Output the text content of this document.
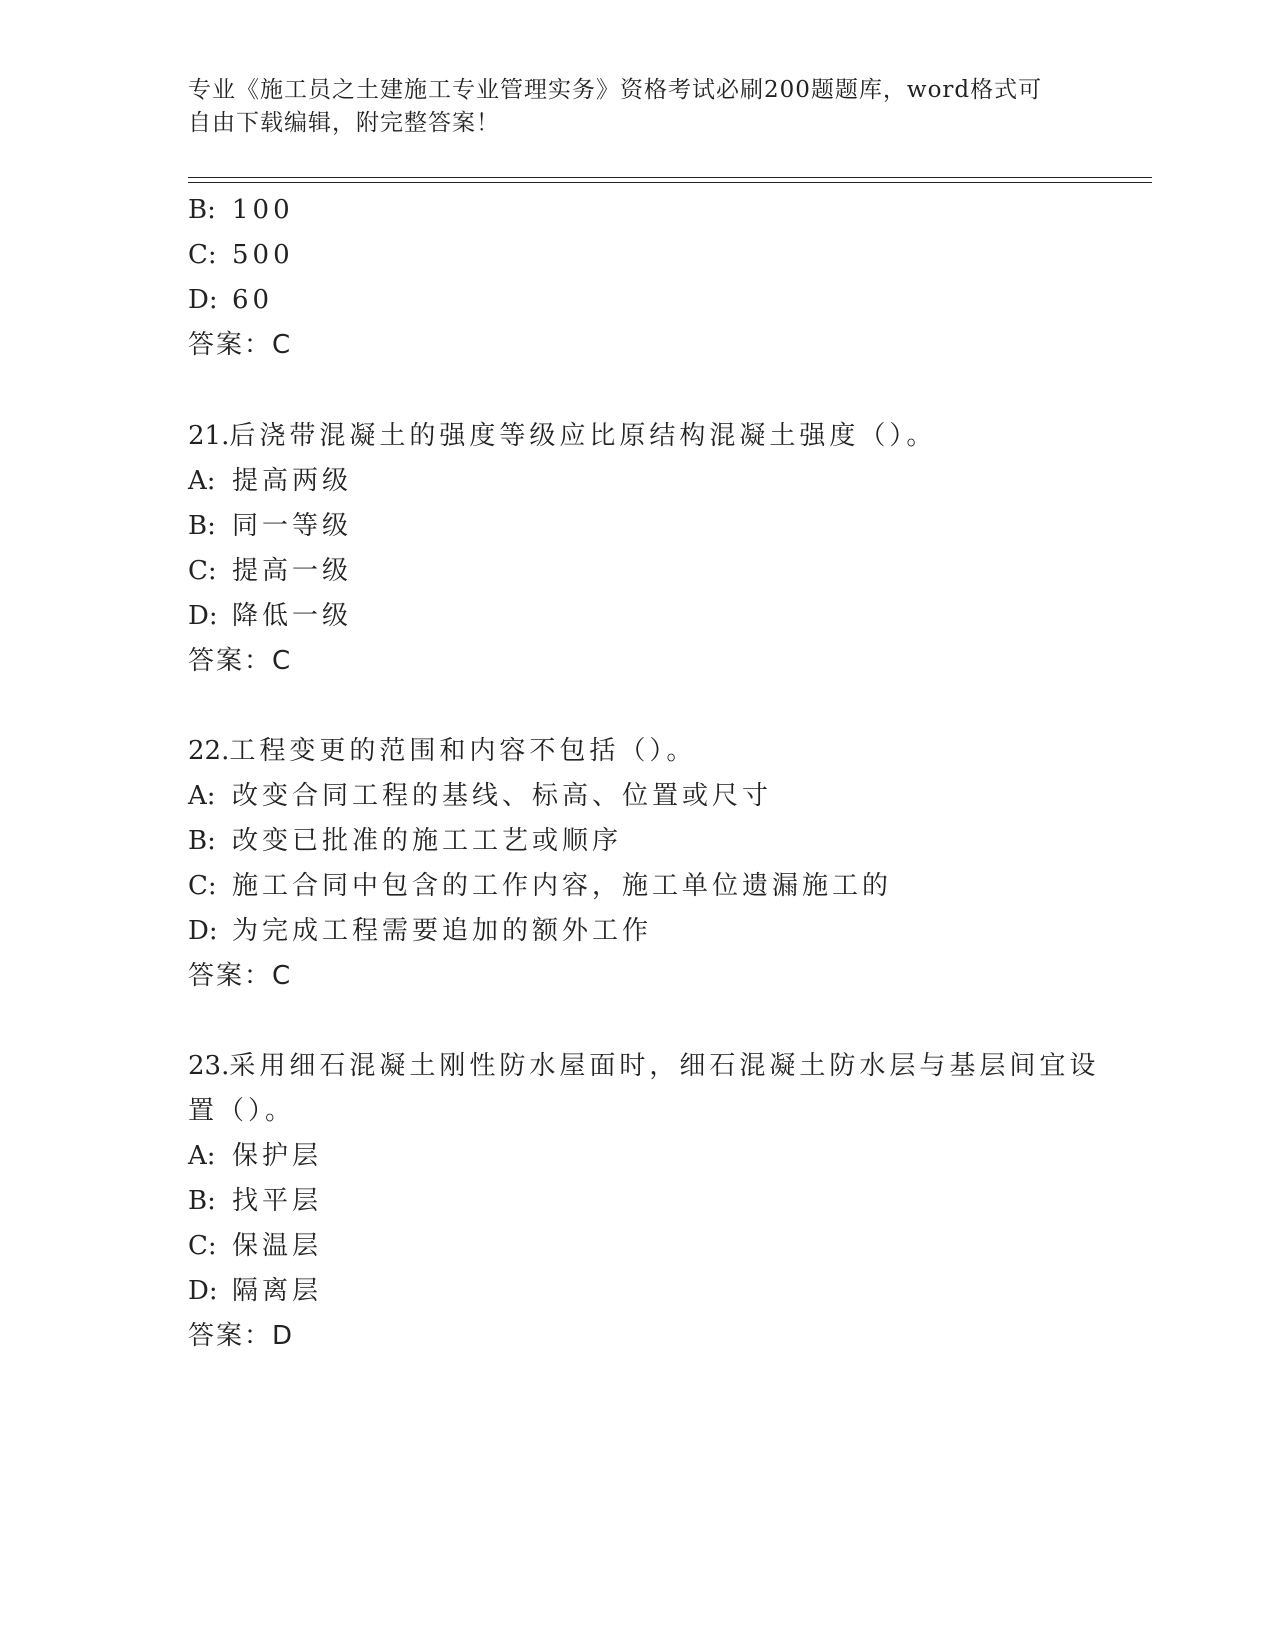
专业《施工员之土建施工专业管理实务》资格考试必刷200题题库，word格式可
自由下载编辑，附完整答案！
B: 100
C: 500
D: 60
答案：C
21.后浇带混凝土的强度等级应比原结构混凝土强度（）。
A: 提高两级
B: 同一等级
C: 提高一级
D: 降低一级
答案：C
22.工程变更的范围和内容不包括（）。
A: 改变合同工程的基线、标高、位置或尺寸
B: 改变已批准的施工工艺或顺序
C: 施工合同中包含的工作内容，施工单位遗漏施工的
D: 为完成工程需要追加的额外工作
答案：C
23.采用细石混凝土刚性防水屋面时，细石混凝土防水层与基层间宜设
置（）。
A: 保护层
B: 找平层
C: 保温层
D: 隔离层
答案：D
